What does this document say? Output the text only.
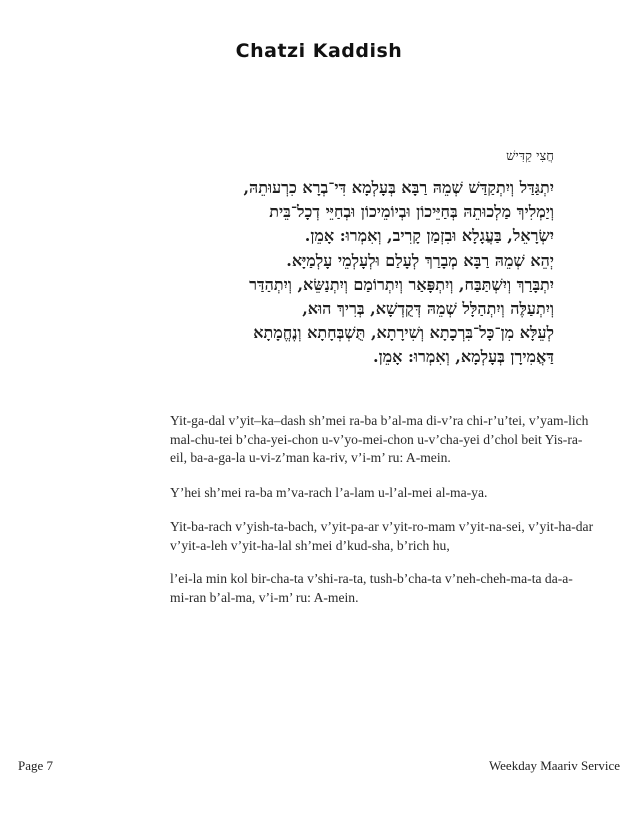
Chatzi Kaddish
חֲצִי קַדִּישׁ
יִתְגַּדַּל וְיִתְקַדַּשׁ שְׁמֵהּ רַבָּא בְּעָלְמָא דִּי־בְרָא כִרְעוּתֵהּ,
וְיַמְלִיךְ מַלְכוּתֵהּ בְּחַיֵּיכוֹן וּבְיוֹמֵיכוֹן וּבְחַיֵּי דְכָל־בֵּית
יִשְׂרָאֵל, בַּעֲגָלָא וּבִזְמַן קָרִיב, וְאִמְרוּ: אָמֵן.
יְהֵא שְׁמֵהּ רַבָּא מְבָרַךְ לְעָלַם וּלְעָלְמֵי עָלְמַיָּא.
יִתְבָּרַךְ וְיִשְׁתַּבַּח, וְיִתְפָּאַר וְיִתְרוֹמַם וְיִתְנַשֵּׂא, וְיִתְהַדַּר
וְיִתְעַלֶּה וְיִתְהַלָּל שְׁמֵהּ דְּקֻדְשָׁא, בְּרִיךְ הוּא,
לְעֵלָּא מִן־כָּל־בִּרְכָתָא וְשִׁירָתָא, תֻּשְׁבְּחָתָא וְנֶחֱמָתָא
דַּאֲמִירָן בְּעָלְמָא, וְאִמְרוּ: אָמֵן.

Yit-ga-dal v’yit–ka–dash sh’mei ra-ba b’al-ma di-v’ra chi-r’u’tei, v’yam-lich
mal-chu-tei b’cha-yei-chon u-v’yo-mei-chon u-v’cha-yei d’chol beit Yis-ra-
eil, ba-a-ga-la u-vi-z’man ka-riv, v’i-m’ ru: A-mein.

Y’hei sh’mei ra-ba m’va-rach l’a-lam u-l’al-mei al-ma-ya.

Yit-ba-rach v’yish-ta-bach, v’yit-pa-ar v’yit-ro-mam v’yit-na-sei, v’yit-ha-dar
v’yit-a-leh v’yit-ha-lal sh’mei d’kud-sha, b’rich hu,

l’ei-la min kol bir-cha-ta v’shi-ra-ta, tush-b’cha-ta v’neh-cheh-ma-ta da-a-
mi-ran b’al-ma, v’i-m’ ru: A-mein.

Page 7	Weekday Maariv Service
